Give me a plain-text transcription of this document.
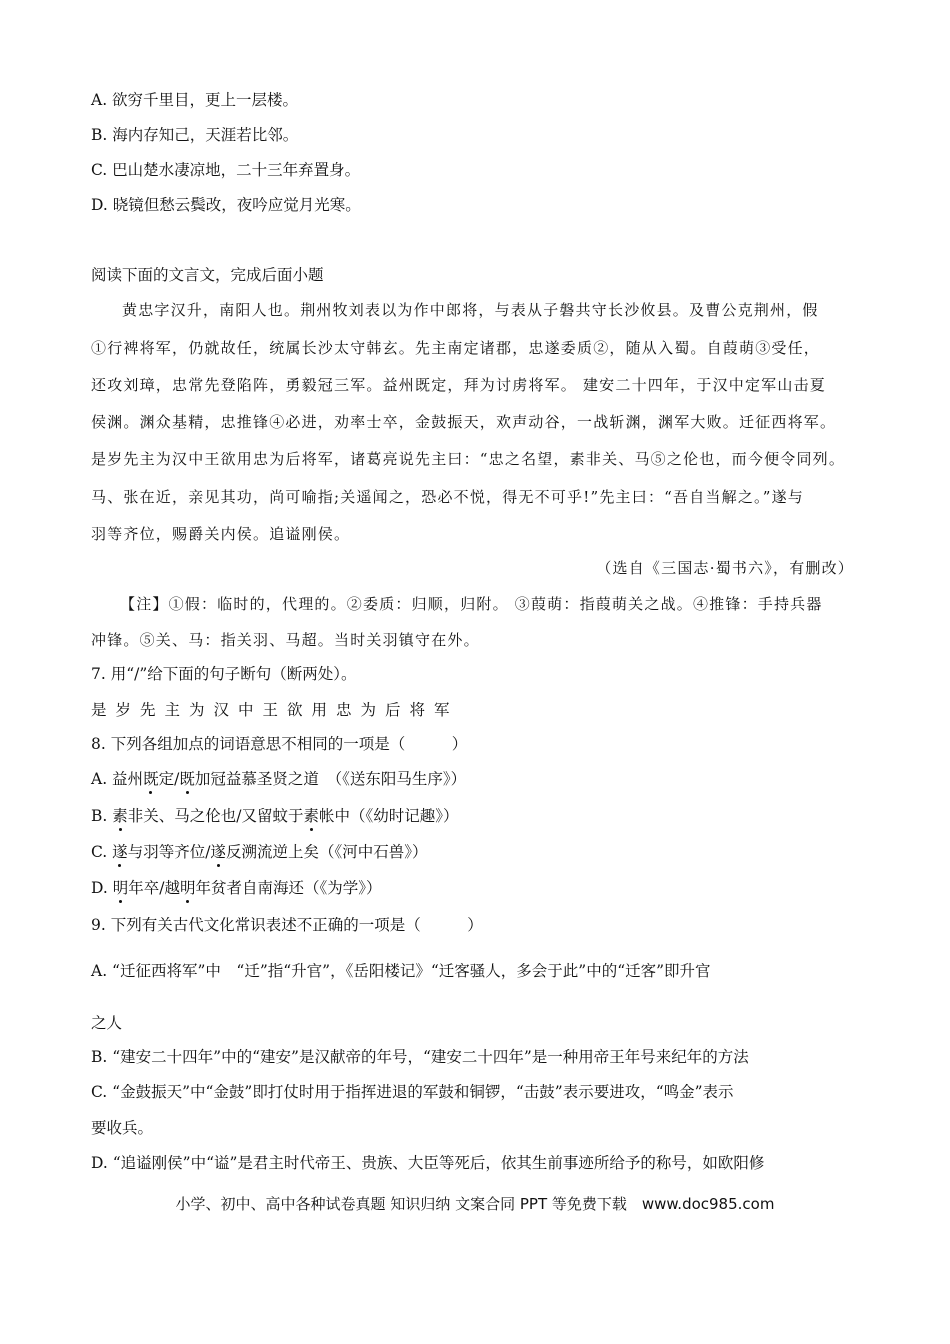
A. 欲穷千里目，更上一层楼。
B. 海内存知己，天涯若比邻。
C. 巴山楚水凄凉地，二十三年弃置身。
D. 晓镜但愁云鬓改，夜吟应觉月光寒。
阅读下面的文言文，完成后面小题
黄忠字汉升，南阳人也。荆州牧刘表以为作中郎将，与表从子磐共守长沙攸县。及曹公克荆州，假
①行裨将军，仍就故任，统属长沙太守韩玄。先主南定诸郡，忠遂委质②，随从入蜀。自葭萌③受任，
还攻刘璋，忠常先登陷阵，勇毅冠三军。益州既定，拜为讨虏将军。 建安二十四年，于汉中定军山击夏
侯渊。渊众基精，忠推锋④必进，劝率士卒，金鼓振天，欢声动谷，一战斩渊，渊军大败。迁征西将军。
是岁先主为汉中王欲用忠为后将军，诸葛亮说先主曰：“忠之名望，素非关、马⑤之伦也，而今便令同列。
马、张在近，亲见其功，尚可喻指;关遥闻之，恐必不悦，得无不可乎!”先主曰：“吾自当解之。”遂与
羽等齐位，赐爵关内侯。追谥刚侯。
（选自《三国志·蜀书六》，有删改）
【注】①假：临时的，代理的。②委质：归顺，归附。 ③葭萌：指葭萌关之战。④推锋：手持兵器
冲锋。⑤关、马：指关羽、马超。当时关羽镇守在外。
7. 用“/”给下面的句子断句（断两处）。
是岁先主为汉中王欲用忠为后将军
8. 下列各组加点的词语意思不相同的一项是（　　　）
A. 益州既定/既加冠益慕圣贤之道　（《送东阳马生序》）
B. 素非关、马之伦也/又留蚊于素帐中（《幼时记趣》）
C. 遂与羽等齐位/遂反溯流逆上矣（《河中石兽》）
D. 明年卒/越明年贫者自南海还（《为学》）
9. 下列有关古代文化常识表述不正确的一项是（　　　）
A. “迁征西将军”中　“迁”指“升官”，《岳阳楼记》“迁客骚人，多会于此”中的“迁客”即升官
之人
B. “建安二十四年”中的“建安”是汉献帝的年号，“建安二十四年”是一种用帝王年号来纪年的方法
C. “金鼓振天”中“金鼓”即打仗时用于指挥进退的军鼓和铜锣，“击鼓”表示要进攻，“鸣金”表示
要收兵。
D. “追谥刚侯”中“谥”是君主时代帝王、贵族、大臣等死后，依其生前事迹所给予的称号，如欧阳修
小学、初中、高中各种试卷真题 知识归纳 文案合同 PPT 等免费下载　www.doc985.com
